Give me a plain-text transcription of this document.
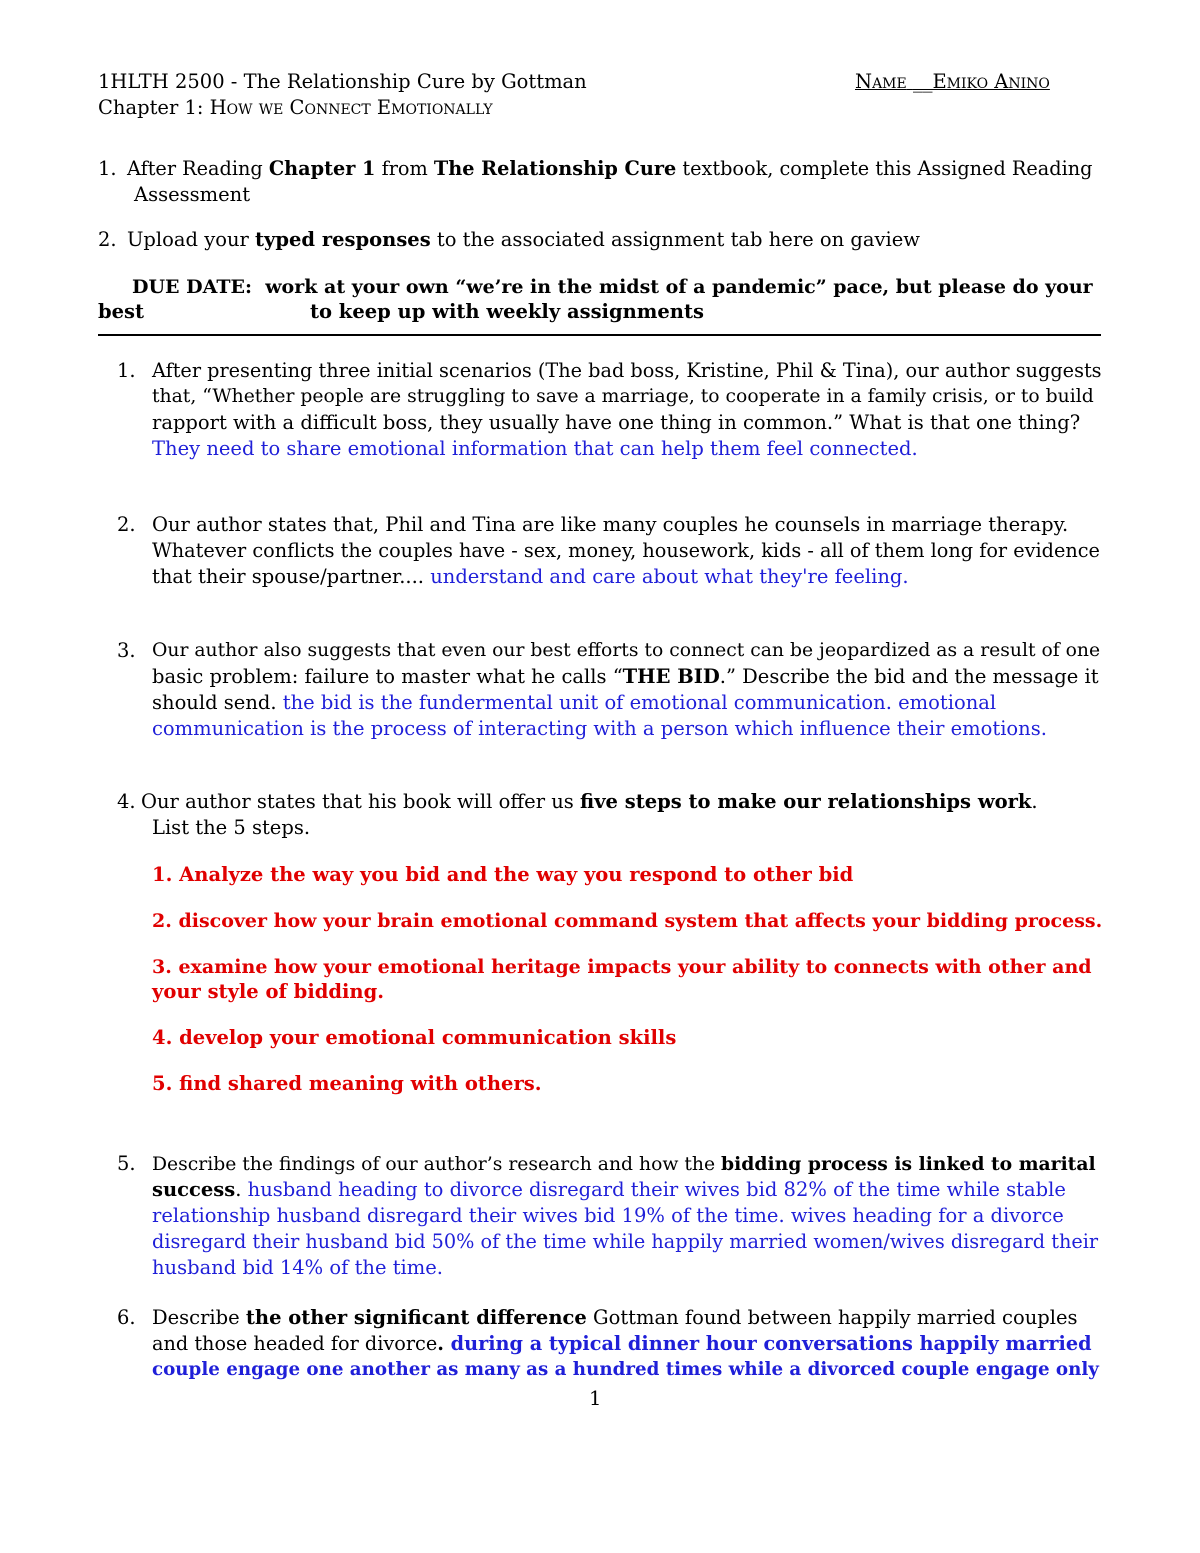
1HLTH 2500 - The Relationship Cure by Gottman	Name __Emiko Anino
Chapter 1: How we Connect Emotionally
1. After Reading Chapter 1 from The Relationship Cure textbook, complete this Assigned Reading
Assessment
2. Upload your typed responses to the associated assignment tab here on gaview
DUE DATE: work at your own “we’re in the midst of a pandemic” pace, but please do your
best	to keep up with weekly assignments
1. After presenting three initial scenarios (The bad boss, Kristine, Phil & Tina), our author suggests
that, “Whether people are struggling to save a marriage, to cooperate in a family crisis, or to build
rapport with a difficult boss, they usually have one thing in common.” What is that one thing?
They need to share emotional information that can help them feel connected.
2. Our author states that, Phil and Tina are like many couples he counsels in marriage therapy.
Whatever conflicts the couples have - sex, money, housework, kids - all of them long for evidence
that their spouse/partner.... understand and care about what they're feeling.
3. Our author also suggests that even our best efforts to connect can be jeopardized as a result of one
basic problem: failure to master what he calls “THE BID.” Describe the bid and the message it
should send. the bid is the fundermental unit of emotional communication. emotional
communication is the process of interacting with a person which influence their emotions.
4. Our author states that his book will offer us five steps to make our relationships work.
List the 5 steps.
1. Analyze the way you bid and the way you respond to other bid
2. discover how your brain emotional command system that affects your bidding process.
3. examine how your emotional heritage impacts your ability to connects with other and
your style of bidding.
4. develop your emotional communication skills
5. find shared meaning with others.
5. Describe the findings of our author’s research and how the bidding process is linked to marital
success. husband heading to divorce disregard their wives bid 82% of the time while stable
relationship husband disregard their wives bid 19% of the time. wives heading for a divorce
disregard their husband bid 50% of the time while happily married women/wives disregard their
husband bid 14% of the time.
6. Describe the other significant difference Gottman found between happily married couples
and those headed for divorce. during a typical dinner hour conversations happily married
couple engage one another as many as a hundred times while a divorced couple engage only
1
